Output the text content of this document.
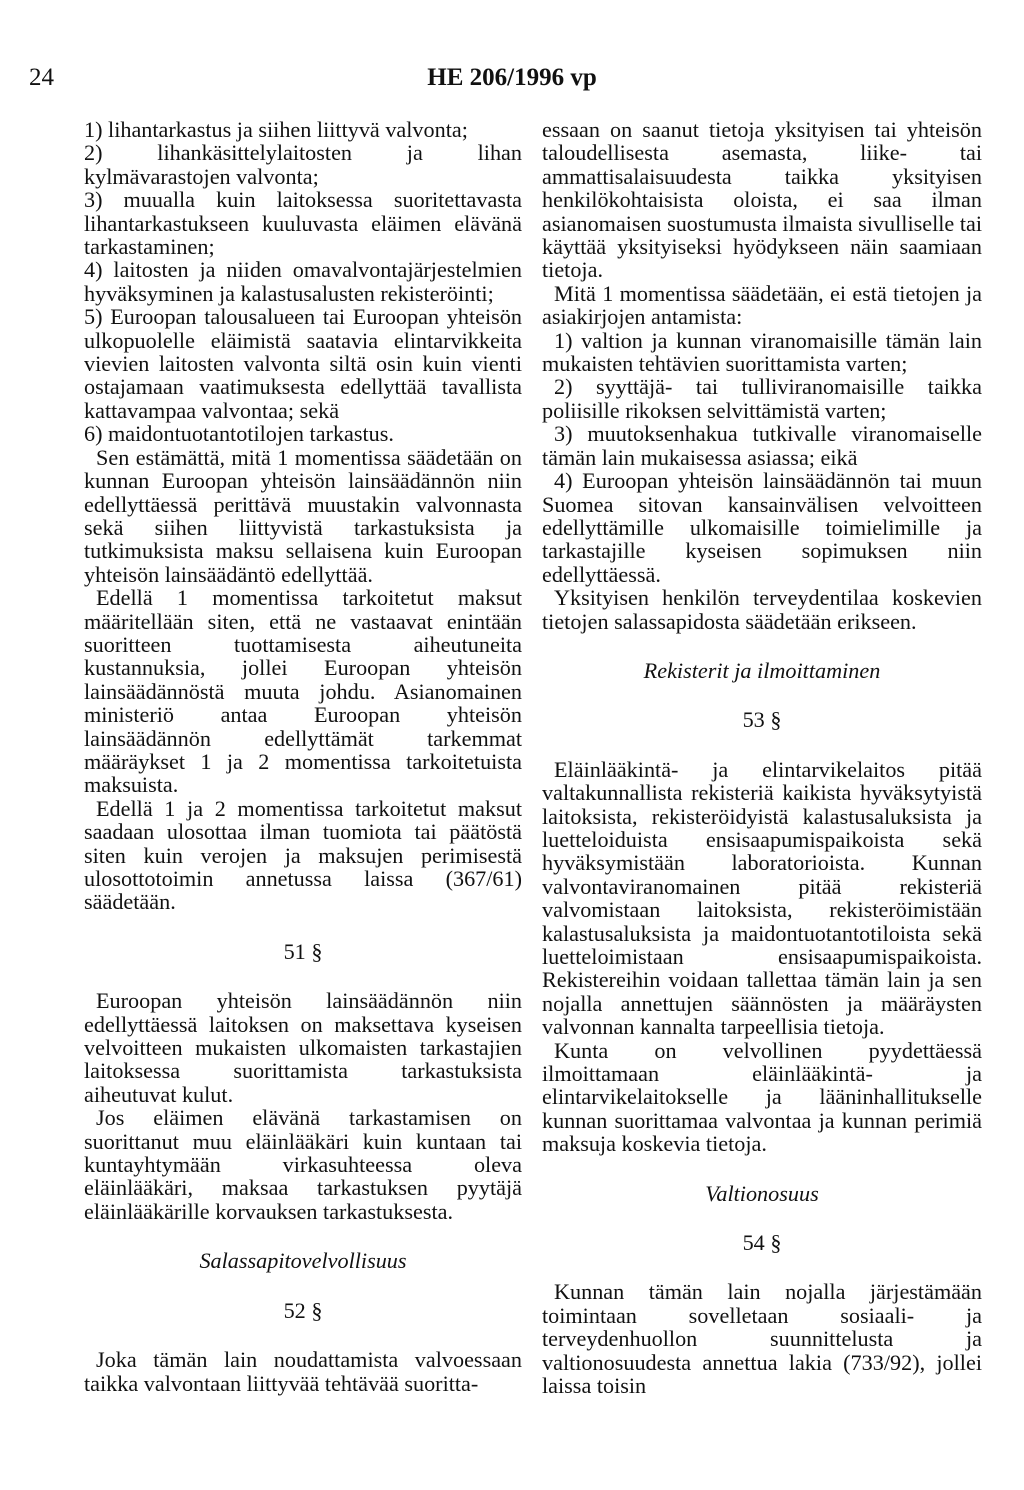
24	HE 206/1996 vp

1) lihantarkastus ja siihen liittyvä valvonta;

2) lihankäsittelylaitosten ja lihan kylmävarastojen valvonta;

3) muualla kuin laitoksessa suoritettavasta lihantarkastukseen kuuluvasta eläimen elävänä tarkastaminen;

4) laitosten ja niiden omavalvontajärjestelmien hyväksyminen ja kalastusalusten rekisteröinti;

5) Euroopan talousalueen tai Euroopan yhteisön ulkopuolelle eläimistä saatavia elintarvikkeita vievien laitosten valvonta siltä osin kuin vienti ostajamaan vaatimuksesta edellyttää tavallista kattavampaa valvontaa; sekä

6) maidontuotantotilojen tarkastus.

Sen estämättä, mitä 1 momentissa säädetään on kunnan Euroopan yhteisön lainsäädännön niin edellyttäessä perittävä muustakin valvonnasta sekä siihen liittyvistä tarkastuksista ja tutkimuksista maksu sellaisena kuin Euroopan yhteisön lainsäädäntö edellyttää.

Edellä 1 momentissa tarkoitetut maksut määritellään siten, että ne vastaavat enintään suoritteen tuottamisesta aiheutuneita kustannuksia, jollei Euroopan yhteisön lainsäädännöstä muuta johdu. Asianomainen ministeriö antaa Euroopan yhteisön lainsäädännön edellyttämät tarkemmat määräykset 1 ja 2 momentissa tarkoitetuista maksuista.

Edellä 1 ja 2 momentissa tarkoitetut maksut saadaan ulosottaa ilman tuomiota tai päätöstä siten kuin verojen ja maksujen perimisestä ulosottotoimin annetussa laissa (367/61) säädetään.

51 §

Euroopan yhteisön lainsäädännön niin edellyttäessä laitoksen on maksettava kyseisen velvoitteen mukaisten ulkomaisten tarkastajien laitoksessa suorittamista tarkastuksista aiheutuvat kulut.

Jos eläimen elävänä tarkastamisen on suorittanut muu eläinlääkäri kuin kuntaan tai kuntayhtymään virkasuhteessa oleva eläinlääkäri, maksaa tarkastuksen pyytäjä eläinlääkärille korvauksen tarkastuksesta.

Salassapitovelvollisuus

52 §

Joka tämän lain noudattamista valvoessaan taikka valvontaan liittyvää tehtävää suoritta-

essaan on saanut tietoja yksityisen tai yhteisön taloudellisesta asemasta, liike- tai ammattisalaisuudesta taikka yksityisen henkilökohtaisista oloista, ei saa ilman asianomaisen suostumusta ilmaista sivulliselle tai käyttää yksityiseksi hyödykseen näin saamiaan tietoja.

Mitä 1 momentissa säädetään, ei estä tietojen ja asiakirjojen antamista:

1) valtion ja kunnan viranomaisille tämän lain mukaisten tehtävien suorittamista varten;

2) syyttäjä- tai tulliviranomaisille taikka poliisille rikoksen selvittämistä varten;

3) muutoksenhakua tutkivalle viranomaiselle tämän lain mukaisessa asiassa; eikä

4) Euroopan yhteisön lainsäädännön tai muun Suomea sitovan kansainvälisen velvoitteen edellyttämille ulkomaisille toimielimille ja tarkastajille kyseisen sopimuksen niin edellyttäessä.

Yksityisen henkilön terveydentilaa koskevien tietojen salassapidosta säädetään erikseen.

Rekisterit ja ilmoittaminen

53 §

Eläinlääkintä- ja elintarvikelaitos pitää valtakunnallista rekisteriä kaikista hyväksytyistä laitoksista, rekisteröidyistä kalastusaluksista ja luetteloiduista ensisaapumispaikoista sekä hyväksymistään laboratorioista. Kunnan valvontaviranomainen pitää rekisteriä valvomistaan laitoksista, rekisteröimistään kalastusaluksista ja maidontuotantotiloista sekä luetteloimistaan ensisaapumispaikoista. Rekistereihin voidaan tallettaa tämän lain ja sen nojalla annettujen säännösten ja määräysten valvonnan kannalta tarpeellisia tietoja.

Kunta on velvollinen pyydettäessä ilmoittamaan eläinlääkintä- ja elintarvikelaitokselle ja lääninhallitukselle kunnan suorittamaa valvontaa ja kunnan perimiä maksuja koskevia tietoja.

Valtionosuus

54 §

Kunnan tämän lain nojalla järjestämään toimintaan sovelletaan sosiaali- ja terveydenhuollon suunnittelusta ja valtionosuudesta annettua lakia (733/92), jollei laissa toisin
